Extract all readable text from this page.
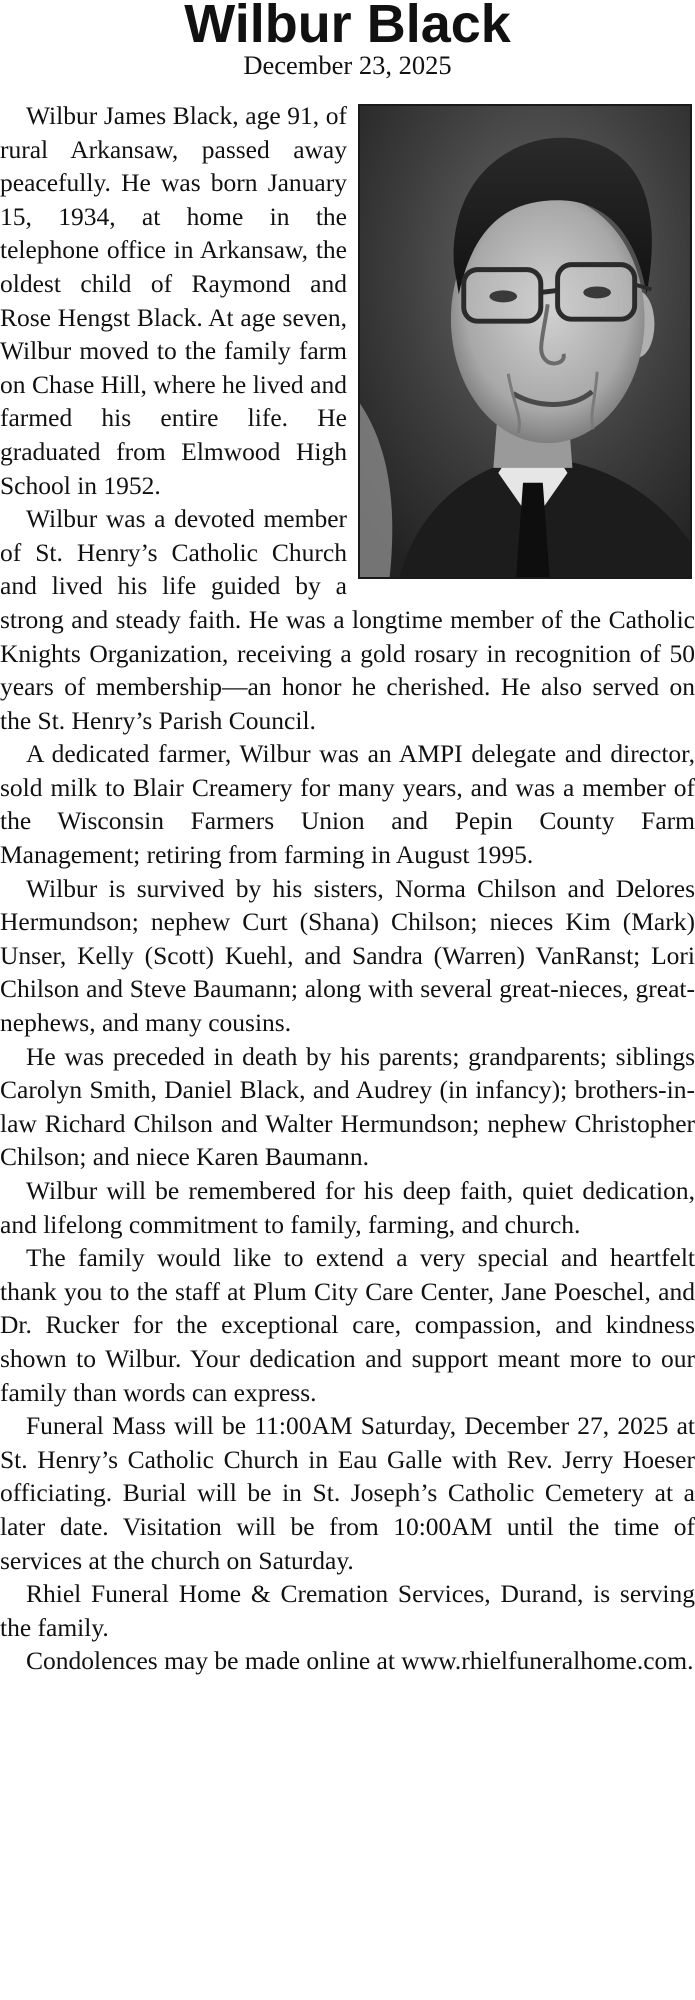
Wilbur Black
December 23, 2025

Wilbur James Black, age 91, of rural Arkansaw, passed away peacefully. He was born January 15, 1934, at home in the telephone office in Arkansaw, the oldest child of Raymond and Rose Hengst Black. At age seven, Wilbur moved to the family farm on Chase Hill, where he lived and farmed his entire life. He graduated from Elmwood High School in 1952.

Wilbur was a devoted member of St. Henry’s Catholic Church and lived his life guided by a strong and steady faith. He was a longtime member of the Catholic Knights Organization, receiving a gold rosary in recognition of 50 years of membership—an honor he cherished. He also served on the St. Henry’s Parish Council.

A dedicated farmer, Wilbur was an AMPI delegate and director, sold milk to Blair Creamery for many years, and was a member of the Wisconsin Farmers Union and Pepin County Farm Management; retiring from farming in August 1995.

Wilbur is survived by his sisters, Norma Chilson and Delores Hermundson; nephew Curt (Shana) Chilson; nieces Kim (Mark) Unser, Kelly (Scott) Kuehl, and Sandra (Warren) VanRanst; Lori Chilson and Steve Baumann; along with several great-nieces, great-nephews, and many cousins.

He was preceded in death by his parents; grandparents; siblings Carolyn Smith, Daniel Black, and Audrey (in infancy); brothers-in-law Richard Chilson and Walter Hermundson; nephew Christopher Chilson; and niece Karen Baumann.

Wilbur will be remembered for his deep faith, quiet dedication, and lifelong commitment to family, farming, and church.

The family would like to extend a very special and heartfelt thank you to the staff at Plum City Care Center, Jane Poeschel, and Dr. Rucker for the exceptional care, compassion, and kindness shown to Wilbur. Your dedication and support meant more to our family than words can express.

Funeral Mass will be 11:00AM Saturday, December 27, 2025 at St. Henry’s Catholic Church in Eau Galle with Rev. Jerry Hoeser officiating. Burial will be in St. Joseph’s Catholic Cemetery at a later date. Visitation will be from 10:00AM until the time of services at the church on Saturday.

Rhiel Funeral Home & Cremation Services, Durand, is serving the family.

Condolences may be made online at www.rhielfuneralhome.com.
